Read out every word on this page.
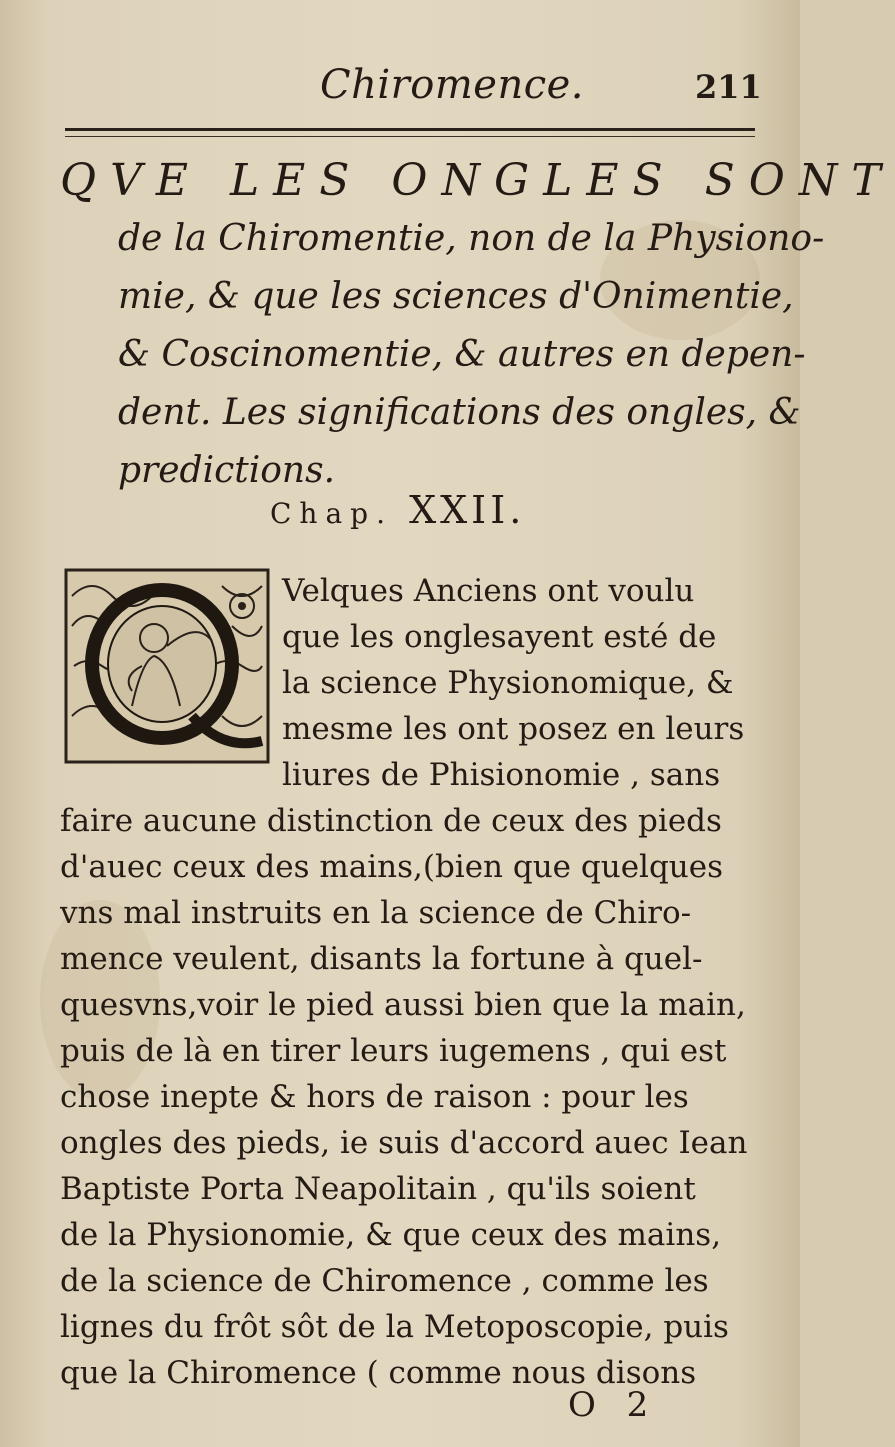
Chiromence.	211
QVE LES ONGLES SONT
de la Chiromentie, non de la Physiono-
mie, & que les sciences d'Onimentie,
& Coscinomentie, & autres en depen-
dent. Les significations des ongles, &
predictions.
Chap. XXII.
Velques Anciens ont voulu
que les onglesayent esté de
la science Physionomique, &
mesme les ont posez en leurs
liures de Phisionomie , sans
faire aucune distinction de ceux des pieds
d'auec ceux des mains,(bien que quelques
vns mal instruits en la science de Chiro-
mence veulent, disants la fortune à quel-
quesvns,voir le pied aussi bien que la main,
puis de là en tirer leurs iugemens , qui est
chose inepte & hors de raison : pour les
ongles des pieds, ie suis d'accord auec Iean
Baptiste Porta Neapolitain , qu'ils soient
de la Physionomie, & que ceux des mains,
de la science de Chiromence , comme les
lignes du frôt sôt de la Metoposcopie, puis
que la Chiromence ( comme nous disons
O 2
